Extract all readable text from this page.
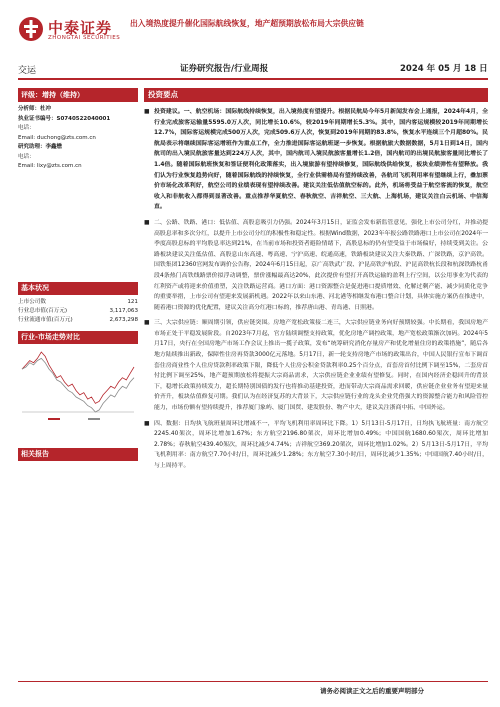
中泰证券
ZHONGTAI SECURITIES
出入境热度提升催化国际航线恢复，地产超预期放松布局大宗供应链
交运	证券研究报告/行业周报	2024 年 05 月 18 日
评级：增持（维持）
分析师：杜冲
执业证书编号：S0740522040001
电话：
Email: duchong@zts.com.cn
研究助理：李鑫懋
电话：
Email: lixy@zts.com.cn
基本状况
上市公司数	121
行业总市值(百万元)	3,117,063
行业流通市值(百万元)	2,673,298
行业-市场走势对比
相关报告
投资要点
■ 投资建议。一、航空机场：国际航线持续恢复，出入境热度有望提升。根据民航局今年5月新闻发布会上通报，2024年4月，全行业完成旅客运输量5595.0万人次，同比增长10.6%，较2019年同期增长5.3%。其中，国内客运规模较2019年同期增长12.7%，国际客运规模完成500万人次，完成509.6万人次，恢复到2019年同期的83.8%，恢复水平连续三个月超80%。民航局表示将继续国际客运增班作为重点工作，全力推进国际客运航班逐一步恢复。根据航旅大数据数据，5月1日到14日，国内航司的出入境民航旅客量达到224万人次，其中，国内航司入境民航旅客量增长1.2倍，国内航司的出境民航旅客量同比增长了1.4倍。随着国际航班恢复和签证便利化政策落实，出入境旅游有望持续修复，国际航线供给恢复，板块业绩弹性有望释放。我们认为行业恢复趋势向好，随着国际航线的持续恢复，全行业供需格局有望持续改善，各航司飞机利用率有望继续上行，叠加票价市场化改革利好，航空公司的业绩表现有望持续改善。建议关注低估值航空标的。此外，机场将受益于航空客流的恢复，航空收入和非航收入都得到显著改善。重点推荐华夏航空、春秋航空、吉祥航空、三大航、上海机场，建议关注白云机场、中信海直。
■ 二、公路、铁路、港口：低估值、高股息吸引力仍强。2024年3月15日，证监会发布新监管意见，强化上市公司分红，并推动提高股息率和多次分红，以提升上市公司分红的积极性和稳定性。根据Wind数据，2023年年报公路铁路港口上市公司在2024年一季度高股息标的平均股息率达到21%，在当前市场和投资者避险情绪下，高股息标的仍有望受益于市场偏好，持续受到关注。公路板块建议关注低估值、高股息山东高速、粤高速、宁沪高速、皖通高速，铁路板块建议关注大秦铁路、广深铁路，京沪高铁。国铁集团12360官网发布调价公告称，2024年6月15日起，京广高铁武广段、沪昆高铁沪杭段、沪昆高铁杭长段和杭深铁路杭甬段4条热门高铁线路票价拟浮动调整，票价涨幅最高达20%，此次提价有望打开高铁运输的盈利上行空间，以公用事业为代表的红利资产或将迎来价值重塑，关注铁路运营商。港口方面：港口资源整合是促进港口提质增效、化解过剩产能、减少同质化竞争的重要举措，上市公司有望迎来发展新机遇。2022年以来山东港、河北港等相继发布港口整合计划，具体实施方案仍在推进中，随着港口资源的优化配置，建议关注高分红港口标的，推荐唐山港、青岛港、日照港。
■ 三、大宗供应链：顺周期引领，供应链突围。房地产宽松政策接二连三，大宗供应链业务向好预期较强。中长期看，我国房地产市场正处于平稳发展阶段。自2023年7月起，官方陆续调整支持政策，优化房地产调控政策，地产宽松政策渐次加码。2024年5月17日，央行在全国房地产市场工作会议上推出一揽子政策，发布“统筹研究消化存量房产和优化增量住房的政策措施”，随后各地方陆续推出新政，保障性住房再贷款3000亿元落地。5月17日，新一轮支持房地产市场的政策出台，中国人民银行宣布下调首套住房商业性个人住房贷款利率政策下限，降低个人住房公积金贷款利率0.25个百分点，首套房首付比例下调至15%，二套房首付比例下调至25%，地产超预期放松将提振大宗商品需求，大宗供应链企业业绩有望修复。同时，在国内经济企稳回升的背景下，稳增长政策持续发力，超长期特别国债的发行也将推动基建投资，进而带动大宗商品需求回暖，供应链企业业务有望迎来量价齐升，板块估值修复可期。我们认为在经济复苏的大背景下，大宗供应链行业的龙头企业凭借强大的资源整合能力和风险管控能力，市场份额有望持续提升，推荐厦门象屿、厦门国贸、建发股份、物产中大，建议关注浙商中拓、中国外运。
■ 四、数据：日均执飞航班量周环比增减不一，平均飞机利用率周环比下降。1）5月13日-5月17日，日均执飞航班量：南方航空2245.40架次，周环比增加1.67%；东方航空2196.80架次，周环比增加0.49%；中国国航1680.60架次，周环比增加2.78%；春秋航空439.40架次，周环比减少4.74%；吉祥航空369.20架次，周环比增加1.02%。2）5月13日-5月17日，平均飞机利用率：南方航空7.70小时/日，周环比减少1.28%；东方航空7.30小时/日，周环比减少1.35%；中国国航7.40小时/日，与上周持平。
请务必阅读正文之后的重要声明部分
